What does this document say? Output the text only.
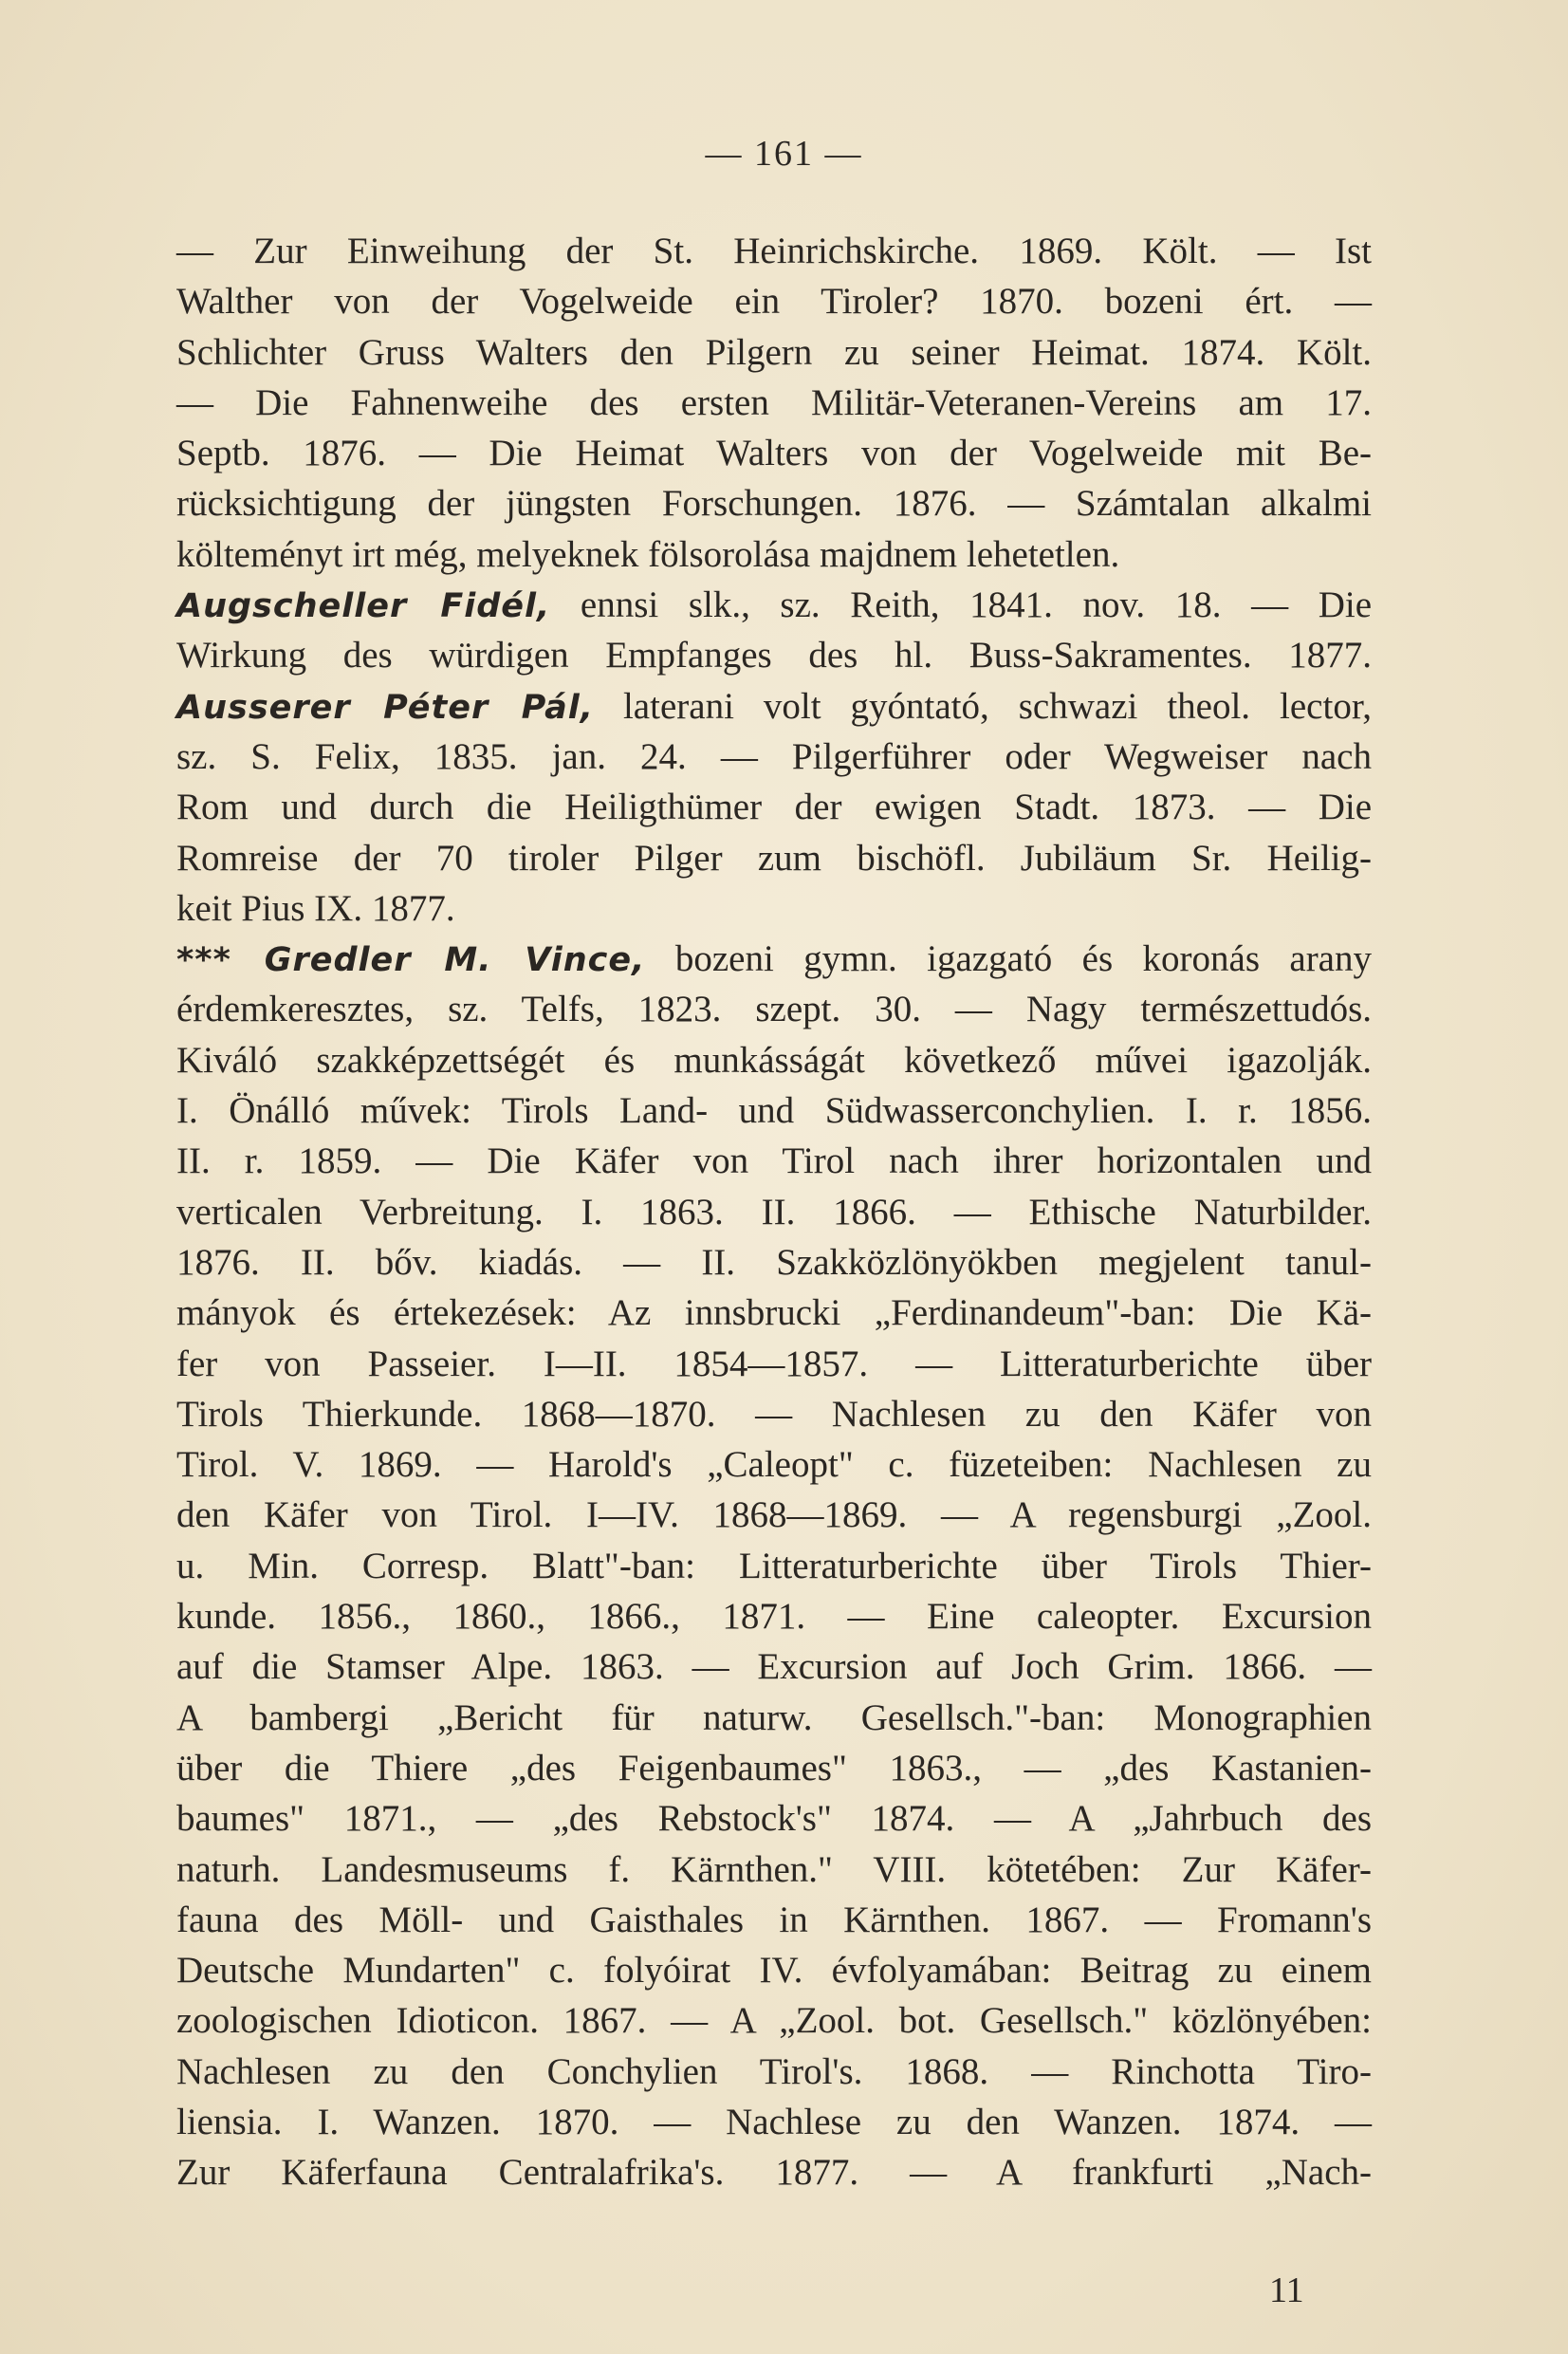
— 161 —
— Zur Einweihung der St. Heinrichskirche. 1869. Költ. — Ist
Walther von der Vogelweide ein Tiroler? 1870. bozeni ért. —
Schlichter Gruss Walters den Pilgern zu seiner Heimat. 1874. Költ.
— Die Fahnenweihe des ersten Militär-Veteranen-Vereins am 17.
Septb. 1876. — Die Heimat Walters von der Vogelweide mit Be-
rücksichtigung der jüngsten Forschungen. 1876. — Számtalan alkalmi
költeményt irt még, melyeknek fölsorolása majdnem lehetetlen.
Augscheller Fidél, ennsi slk., sz. Reith, 1841. nov. 18. — Die
Wirkung des würdigen Empfanges des hl. Buss-Sakramentes. 1877.
Ausserer Péter Pál, laterani volt gyóntató, schwazi theol. lector,
sz. S. Felix, 1835. jan. 24. — Pilgerführer oder Wegweiser nach
Rom und durch die Heiligthümer der ewigen Stadt. 1873. — Die
Romreise der 70 tiroler Pilger zum bischöfl. Jubiläum Sr. Heilig-
keit Pius IX. 1877.
*** Gredler M. Vince, bozeni gymn. igazgató és koronás arany
érdemkeresztes, sz. Telfs, 1823. szept. 30. — Nagy természettudós.
Kiváló szakképzettségét és munkásságát következő művei igazolják.
I. Önálló művek: Tirols Land- und Südwasserconchylien. I. r. 1856.
II. r. 1859. — Die Käfer von Tirol nach ihrer horizontalen und
verticalen Verbreitung. I. 1863. II. 1866. — Ethische Naturbilder.
1876. II. bőv. kiadás. — II. Szakközlönyökben megjelent tanul-
mányok és értekezések: Az innsbrucki „Ferdinandeum"-ban: Die Kä-
fer von Passeier. I—II. 1854—1857. — Litteraturberichte über
Tirols Thierkunde. 1868—1870. — Nachlesen zu den Käfer von
Tirol. V. 1869. — Harold's „Caleopt" c. füzeteiben: Nachlesen zu
den Käfer von Tirol. I—IV. 1868—1869. — A regensburgi „Zool.
u. Min. Corresp. Blatt"-ban: Litteraturberichte über Tirols Thier-
kunde. 1856., 1860., 1866., 1871. — Eine caleopter. Excursion
auf die Stamser Alpe. 1863. — Excursion auf Joch Grim. 1866. —
A bambergi „Bericht für naturw. Gesellsch."-ban: Monographien
über die Thiere „des Feigenbaumes" 1863., — „des Kastanien-
baumes" 1871., — „des Rebstock's" 1874. — A „Jahrbuch des
naturh. Landesmuseums f. Kärnthen." VIII. kötetében: Zur Käfer-
fauna des Möll- und Gaisthales in Kärnthen. 1867. — Fromann's
Deutsche Mundarten" c. folyóirat IV. évfolyamában: Beitrag zu einem
zoologischen Idioticon. 1867. — A „Zool. bot. Gesellsch." közlönyében:
Nachlesen zu den Conchylien Tirol's. 1868. — Rinchotta Tiro-
liensia. I. Wanzen. 1870. — Nachlese zu den Wanzen. 1874. —
Zur Käferfauna Centralafrika's. 1877. — A frankfurti „Nach-
11
